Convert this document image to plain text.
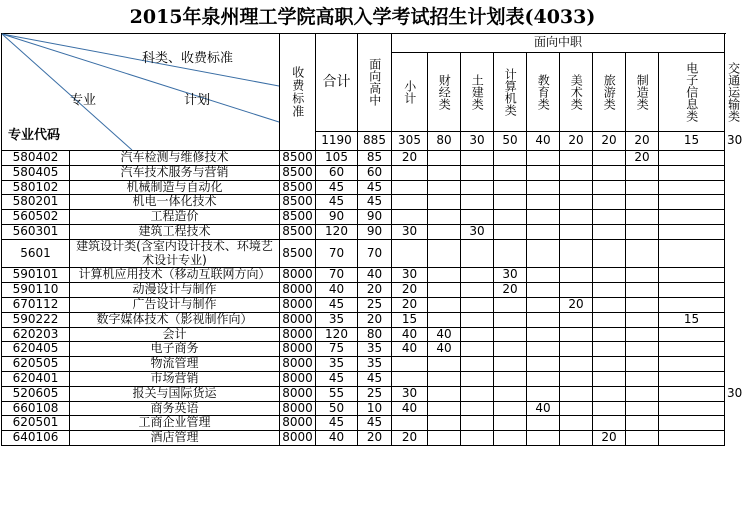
2015年泉州理工学院高职入学考试招生计划表(4033)
科类、收费标准
专业 计划
专业代码		收费标准	合计	面向高中	面向中职									

					小计	财经类	土建类	计算机类	教育类	美术类	旅游类	制造类	电子信息类	交通运输类

			1190	885	305	80	30	50	40	20	20	20	15	30
580402	汽车检测与维修技术	8500	105	85	20							20		
580405	汽车技术服务与营销	8500	60	60										
580102	机械制造与自动化	8500	45	45										
580201	机电一体化技术	8500	45	45										
560502	工程造价	8500	90	90										
560301	建筑工程技术	8500	120	90	30		30							
5601	建筑设计类(含室内设计技术、环境艺术设计专业)	8500	70	70										
590101	计算机应用技术（移动互联网方向）	8000	70	40	30			30						
590110	动漫设计与制作	8000	40	20	20			20						
670112	广告设计与制作	8000	45	25	20					20				
590222	数字媒体技术（影视制作向）	8000	35	20	15								15	
620203	会计	8000	120	80	40	40								
620405	电子商务	8000	75	35	40	40								
620505	物流管理	8000	35	35										
620401	市场营销	8000	45	45										
520605	报关与国际货运	8000	55	25	30									30
660108	商务英语	8000	50	10	40				40					
620501	工商企业管理	8000	45	45										
640106	酒店管理	8000	40	20	20						20			
